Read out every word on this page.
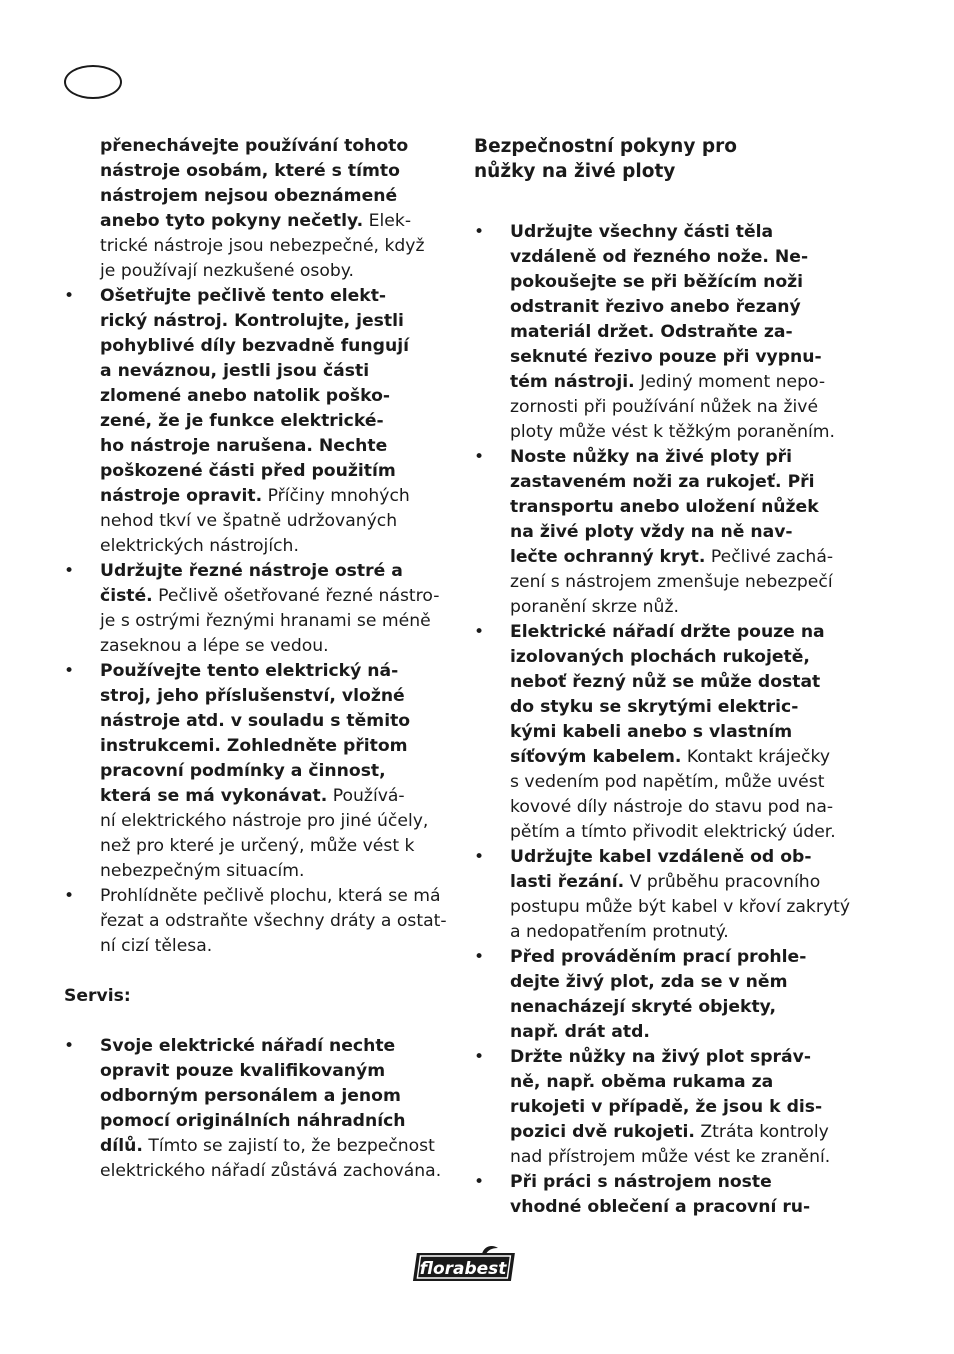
přenechávejte používání tohoto
nástroje osobám, které s tímto
nástrojem nejsou obeznámené
anebo tyto pokyny nečetly. Elek-
trické nástroje jsou nebezpečné, když
je používají nezkušené osoby.
•	Ošetřujte pečlivě tento elekt-
rický nástroj. Kontrolujte, jestli
pohyblivé díly bezvadně fungují
a neváznou, jestli jsou části
zlomené anebo natolik poško-
zené, že je funkce elektrické-
ho nástroje narušena. Nechte
poškozené části před použitím
nástroje opravit. Příčiny mnohých
nehod tkví ve špatně udržovaných
elektrických nástrojích.
•	Udržujte řezné nástroje ostré a
čisté. Pečlivě ošetřované řezné nástro-
je s ostrými řeznými hranami se méně
zaseknou a lépe se vedou.
•	Používejte tento elektrický ná-
stroj, jeho příslušenství, vložné
nástroje atd. v souladu s těmito
instrukcemi. Zohledněte přitom
pracovní podmínky a činnost,
která se má vykonávat. Používá-
ní elektrického nástroje pro jiné účely,
než pro které je určený, může vést k
nebezpečným situacím.
•	Prohlídněte pečlivě plochu, která se má
řezat a odstraňte všechny dráty a ostat-
ní cizí tělesa.

Servis:

•	Svoje elektrické nářadí nechte
opravit pouze kvalifikovaným
odborným personálem a jenom
pomocí originálních náhradních
dílů. Tímto se zajistí to, že bezpečnost
elektrického nářadí zůstává zachována.
Bezpečnostní pokyny pro
nůžky na živé ploty
•	Udržujte všechny části těla
vzdáleně od řezného nože. Ne-
pokoušejte se při běžícím noži
odstranit řezivo anebo řezaný
materiál držet. Odstraňte za-
seknuté řezivo pouze při vypnu-
tém nástroji. Jediný moment nepo-
zornosti při používání nůžek na živé
ploty může vést k těžkým poraněním.
•	Noste nůžky na živé ploty při
zastaveném noži za rukojeť. Při
transportu anebo uložení nůžek
na živé ploty vždy na ně nav-
lečte ochranný kryt. Pečlivé zachá-
zení s nástrojem zmenšuje nebezpečí
poranění skrze nůž.
•	Elektrické nářadí držte pouze na
izolovaných plochách rukojetě,
neboť řezný nůž se může dostat
do styku se skrytými elektric-
kými kabeli anebo s vlastním
síťovým kabelem. Kontakt kráječky
s vedením pod napětím, může uvést
kovové díly nástroje do stavu pod na-
pětím a tímto přivodit elektrický úder.
•	Udržujte kabel vzdáleně od ob-
lasti řezání. V průběhu pracovního
postupu může být kabel v křoví zakrytý
a nedopatřením protnutý.
•	Před prováděním prací prohle-
dejte živý plot, zda se v něm
nenacházejí skryté objekty,
např. drát atd.
•	Držte nůžky na živý plot správ-
ně, např. oběma rukama za
rukojeti v případě, že jsou k dis-
pozici dvě rukojeti. Ztráta kontroly
nad přístrojem může vést ke zranění.
•	Při práci s nástrojem noste
vhodné oblečení a pracovní ru-
florabest
